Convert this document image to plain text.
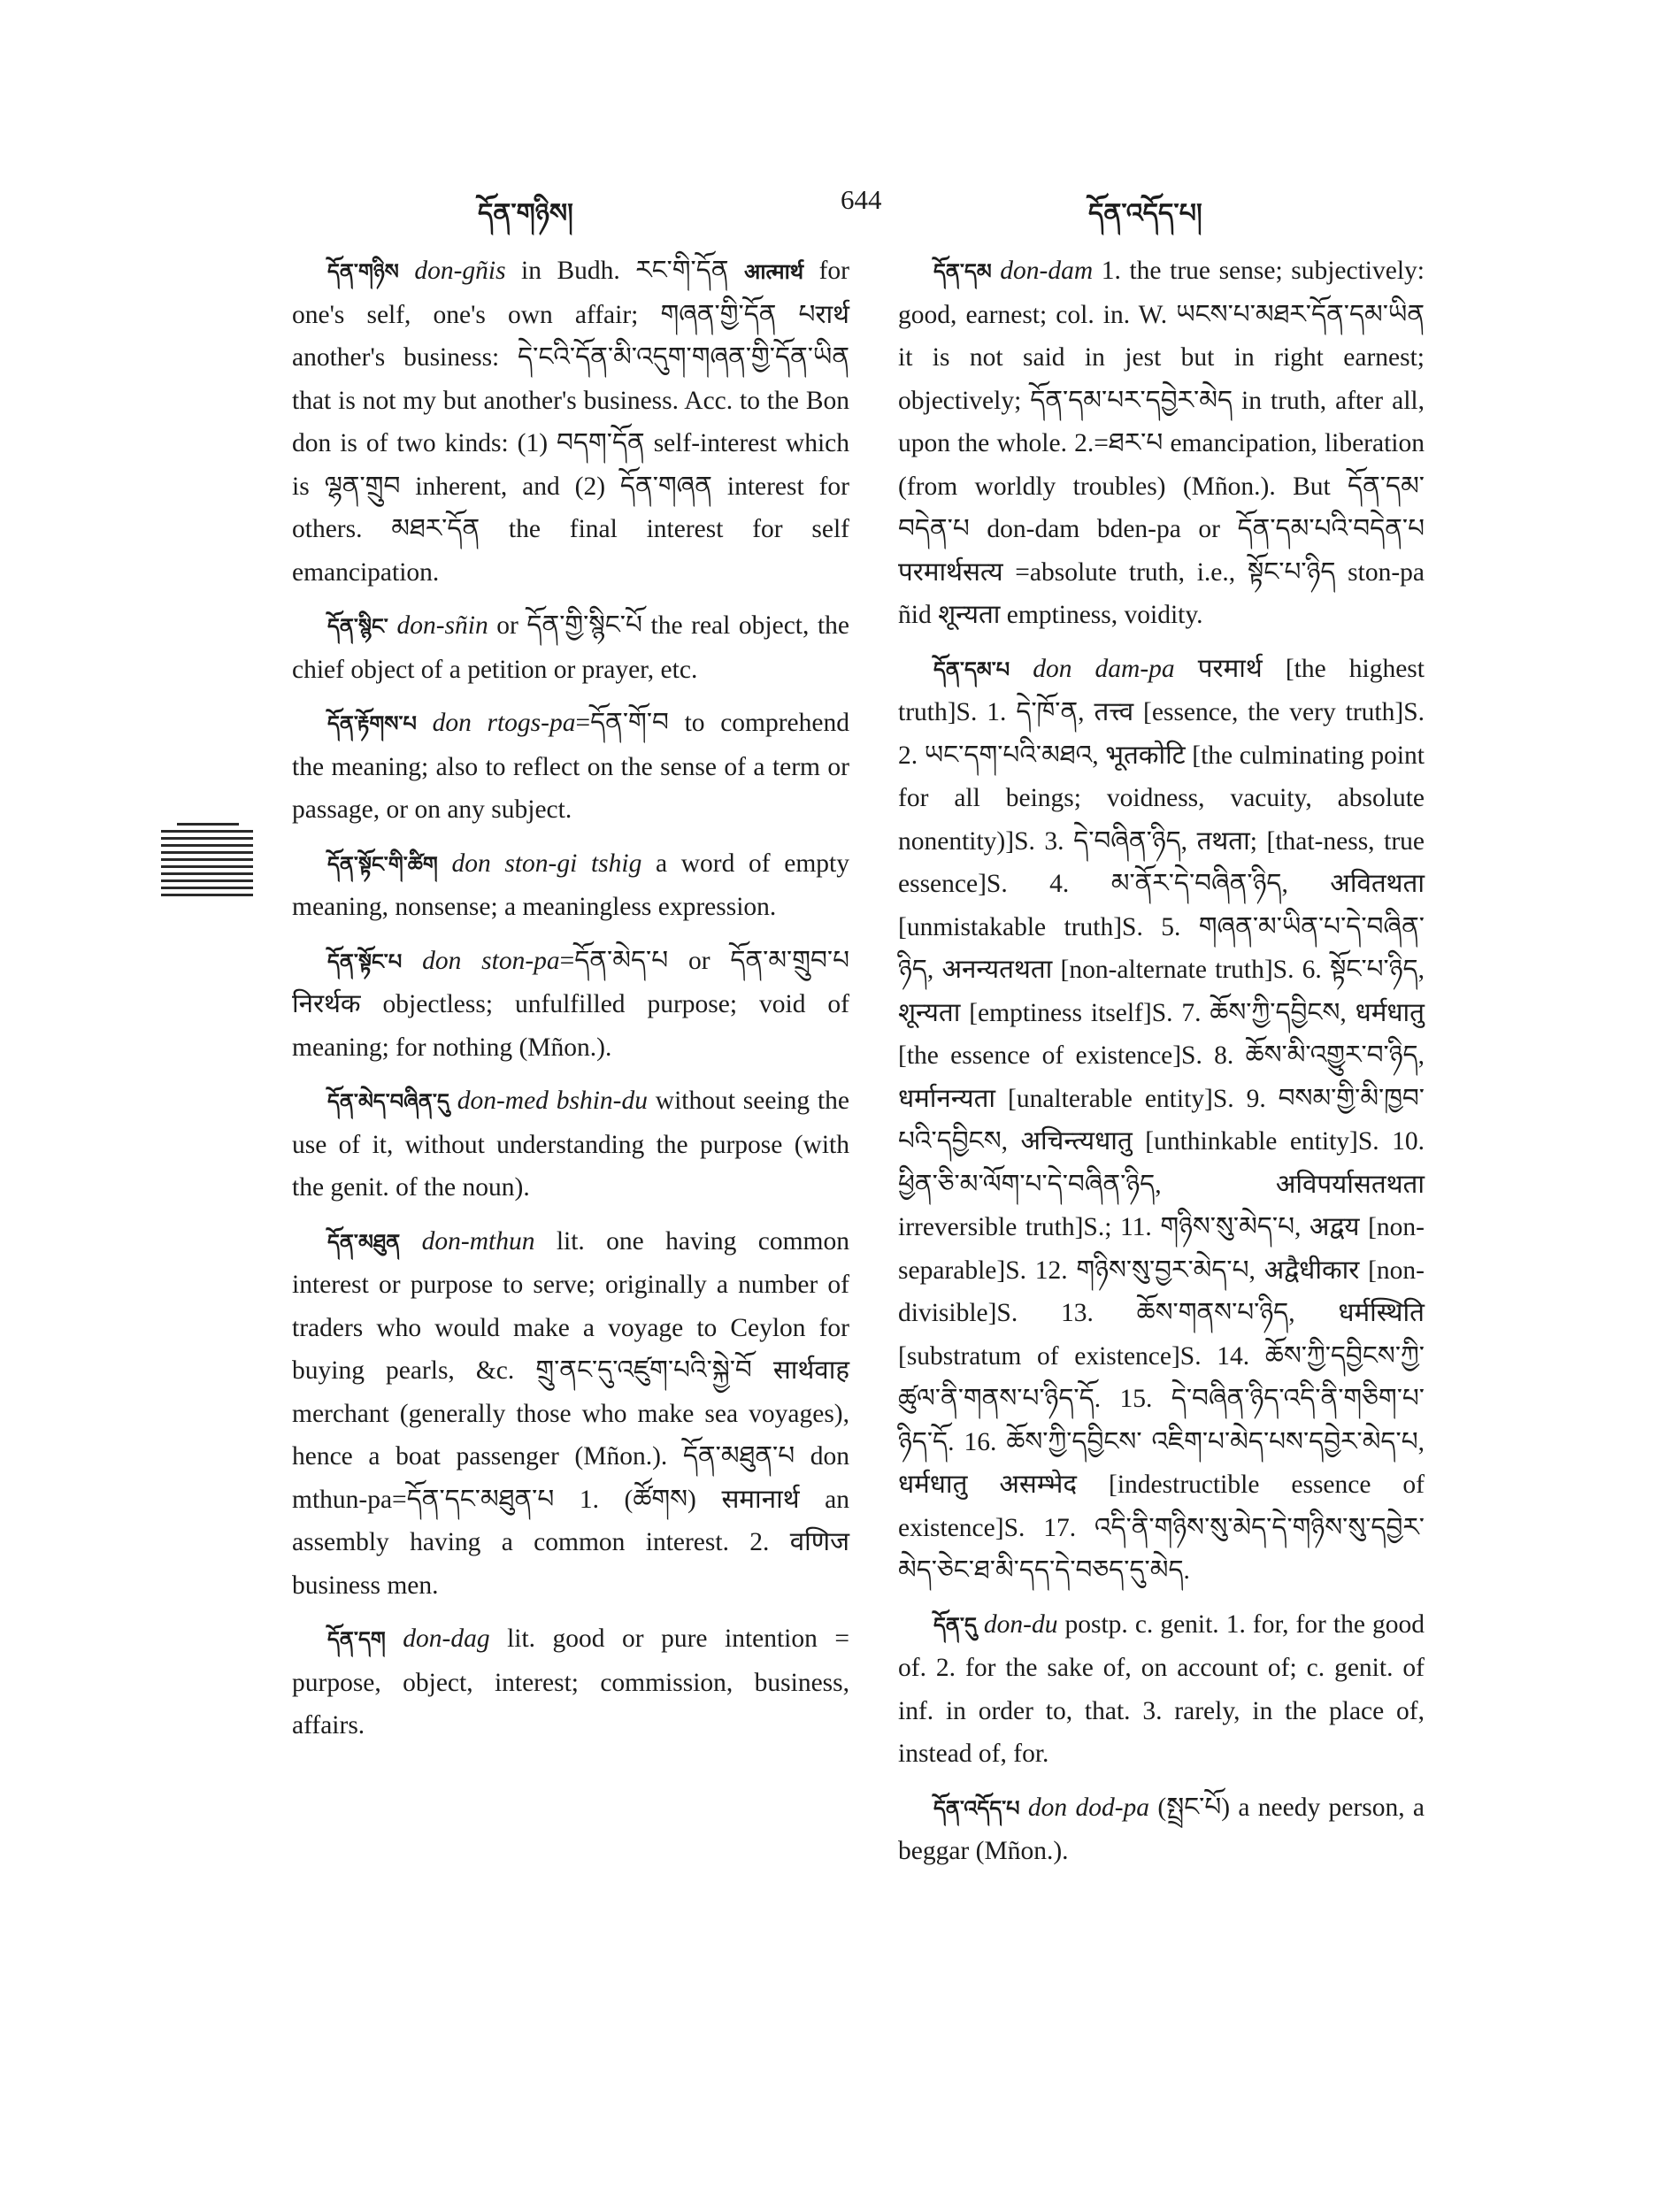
དོན་གཉིས།	644	དོན་འདོད་པ།

དོན་གཉིས don-gñis in Budh. རང་གི་དོན आत्मार्थ for one's self, one's own affair; གཞན་གྱི་དོན པरार्थ another's business: དེ་ངའི་དོན་མི་འདུག་གཞན་གྱི་དོན་ཡིན that is not my but another's business. Acc. to the Bon don is of two kinds: (1) བདག་དོན self-interest which is ལྷན་གྲུབ inherent, and (2) དོན་གཞན interest for others. མཐར་དོན the final interest for self emancipation.

དོན་སྙིང་ don-sñin or དོན་གྱི་སྙིང་པོ the real object, the chief object of a petition or prayer, etc.

དོན་རྟོགས་པ don rtogs-pa=དོན་གོ་བ to comprehend the meaning; also to reflect on the sense of a term or passage, or on any subject.

དོན་སྟོང་གི་ཚིག don ston-gi tshig a word of empty meaning, nonsense; a meaningless expression.

དོན་སྟོང་པ don ston-pa=དོན་མེད་པ or དོན་མ་གྲུབ་པ निरर्थक objectless; unfulfilled purpose; void of meaning; for nothing (Mñon.).

དོན་མེད་བཞིན་དུ don-med bshin-du without seeing the use of it, without understanding the purpose (with the genit. of the noun).

དོན་མཐུན don-mthun lit. one having common interest or purpose to serve; originally a number of traders who would make a voyage to Ceylon for buying pearls, &c. གྲུ་ནང་དུ་འཛུག་པའི་སྐྱེ་བོ सार्थवाह merchant (generally those who make sea voyages), hence a boat passenger (Mñon.). དོན་མཐུན་པ don mthun-pa=དོན་དང་མཐུན་པ 1. (ཚོགས) समानार्थ an assembly having a common interest. 2. वणिज business men.

དོན་དག don-dag lit. good or pure intention = purpose, object, interest; commission, business, affairs.

དོན་དམ don-dam 1. the true sense; subjectively: good, earnest; col. in. W. ཡངས་པ་མཐར་དོན་དམ་ཡིན it is not said in jest but in right earnest; objectively; དོན་དམ་པར་དབྱེར་མེད in truth, after all, upon the whole. 2.=ཐར་པ emancipation, liberation (from worldly troubles) (Mñon.). But དོན་དམ་བདེན་པ don-dam bden-pa or དོན་དམ་པའི་བདེན་པ परमार्थसत्य =absolute truth, i.e., སྟོང་པ་ཉིད ston-pa ñid शून्यता emptiness, voidity.

དོན་དམ་པ don dam-pa परमार्थ [the highest truth]S. 1. དེ་ཁོ་ན, तत्त्व [essence, the very truth]S. 2. ཡང་དག་པའི་མཐའ, भूतकोटि [the culminating point for all beings; voidness, vacuity, absolute nonentity)]S. 3. དེ་བཞིན་ཉིད, तथता; [that-ness, true essence]S. 4. མ་ནོར་དེ་བཞིན་ཉིད, अवितथता [unmistakable truth]S. 5. གཞན་མ་ཡིན་པ་དེ་བཞིན་ཉིད, अनन्यतथता [non-alternate truth]S. 6. སྟོང་པ་ཉིད, शून्यता [emptiness itself]S. 7. ཆོས་ཀྱི་དབྱིངས, धर्मधातु [the essence of existence]S. 8. ཆོས་མི་འགྱུར་བ་ཉིད, धर्मानन्यता [unalterable entity]S. 9. བསམ་གྱི་མི་ཁྱབ་པའི་དབྱིངས, अचिन्त्यधातु [unthinkable entity]S. 10. ཕྱིན་ཅི་མ་ལོག་པ་དེ་བཞིན་ཉིད, अविपर्यासतथता irreversible truth]S.; 11. གཉིས་སུ་མེད་པ, अद्वय [non-separable]S. 12. གཉིས་སུ་བྱར་མེད་པ, अद्वैधीकार [non-divisible]S. 13. ཆོས་གནས་པ་ཉིད, धर्मस्थिति [substratum of existence]S. 14. ཆོས་ཀྱི་དབྱིངས་ཀྱི་ཚུལ་ནི་གནས་པ་ཉིད་དོ. 15. དེ་བཞིན་ཉིད་འདི་ནི་གཅིག་པ་ཉིད་དོ. 16. ཆོས་ཀྱི་དབྱིངས་ འཇིག་པ་མེད་པས་དབྱེར་མེད་པ, धर्मधातु असम्भेद [indestructible essence of existence]S. 17. འདི་ནི་གཉིས་སུ་མེད་དེ་གཉིས་སུ་དབྱེར་མེད་ཅེང་ཐ་མི་དད་དེ་བཅད་དུ་མེད.

དོན་དུ don-du postp. c. genit. 1. for, for the good of. 2. for the sake of, on account of; c. genit. of inf. in order to, that. 3. rarely, in the place of, instead of, for.

དོན་འདོད་པ don dod-pa (སྤྲང་པོ) a needy person, a beggar (Mñon.).
